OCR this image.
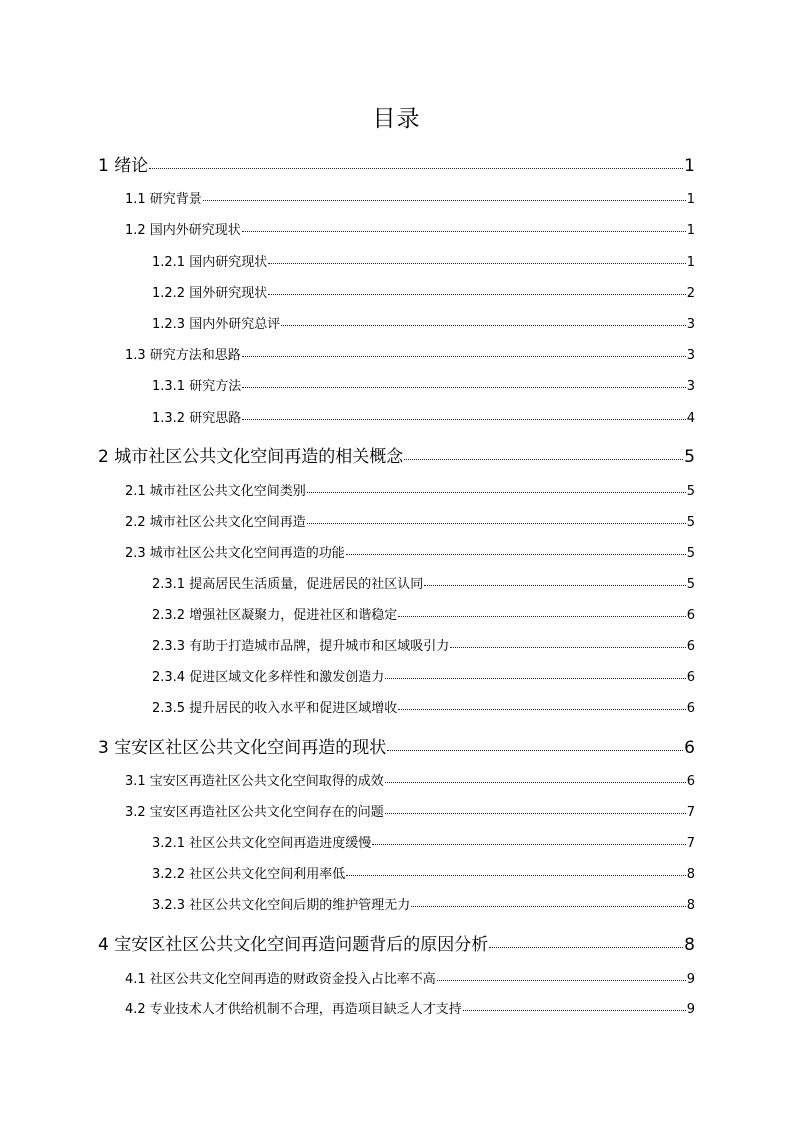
目录
1 绪论	1
1.1 研究背景	1
1.2 国内外研究现状	1
1.2.1 国内研究现状	1
1.2.2 国外研究现状	2
1.2.3 国内外研究总评	3
1.3 研究方法和思路	3
1.3.1 研究方法	3
1.3.2 研究思路	4
2 城市社区公共文化空间再造的相关概念	5
2.1 城市社区公共文化空间类别	5
2.2 城市社区公共文化空间再造	5
2.3 城市社区公共文化空间再造的功能	5
2.3.1 提高居民生活质量，促进居民的社区认同	5
2.3.2 增强社区凝聚力，促进社区和谐稳定	6
2.3.3 有助于打造城市品牌，提升城市和区域吸引力	6
2.3.4 促进区域文化多样性和激发创造力	6
2.3.5 提升居民的收入水平和促进区域增收	6
3 宝安区社区公共文化空间再造的现状	6
3.1 宝安区再造社区公共文化空间取得的成效	6
3.2 宝安区再造社区公共文化空间存在的问题	7
3.2.1 社区公共文化空间再造进度缓慢	7
3.2.2 社区公共文化空间利用率低	8
3.2.3 社区公共文化空间后期的维护管理无力	8
4 宝安区社区公共文化空间再造问题背后的原因分析	8
4.1 社区公共文化空间再造的财政资金投入占比率不高	9
4.2 专业技术人才供给机制不合理，再造项目缺乏人才支持	9
